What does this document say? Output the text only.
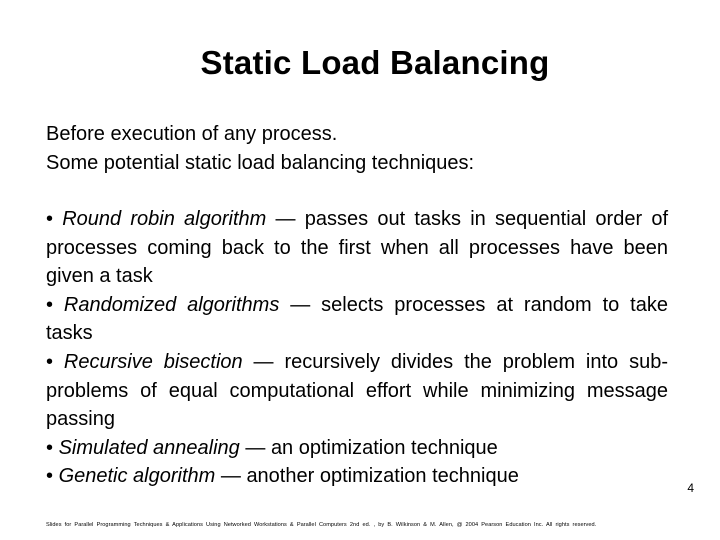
Static Load Balancing
Before execution of any process.
Some potential static load balancing techniques:
• Round robin algorithm — passes out tasks in sequential order of processes coming back to the first when all processes have been given a task
• Randomized algorithms — selects processes at random to take tasks
• Recursive bisection — recursively divides the problem into sub-problems of equal computational effort while minimizing message passing
• Simulated annealing — an optimization technique
• Genetic algorithm — another optimization technique
4
Slides for Parallel Programming Techniques & Applications Using Networked Workstations & Parallel Computers 2nd ed. , by B. Wilkinson & M. Allen, @ 2004 Pearson Education Inc. All rights reserved.
